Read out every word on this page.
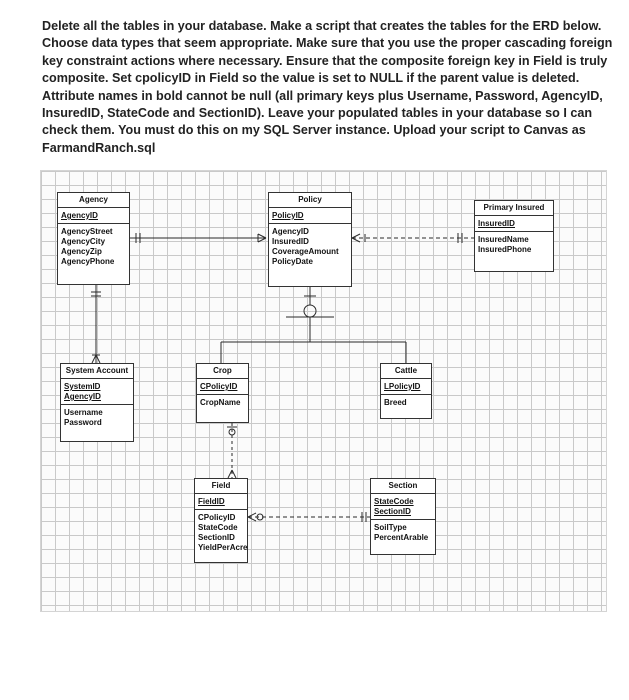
Delete all the tables in your database. Make a script that creates the tables for the ERD below.
Choose data types that seem appropriate. Make sure that you use the proper cascading foreign
key constraint actions where necessary. Ensure that the composite foreign key in Field is truly
composite. Set cpolicyID in Field so the value is set to NULL if the parent value is deleted.
Attribute names in bold cannot be null (all primary keys plus Username, Password, AgencyID,
InsuredID, StateCode and SectionID). Leave your populated tables in your database so I can
check them. You must do this on my SQL Server instance. Upload your script to Canvas as
FarmandRanch.sql
Agency
AgencyID
AgencyStreet
AgencyCity
AgencyZip
AgencyPhone
Policy
PolicyID
AgencyID
InsuredID
CoverageAmount
PolicyDate
Primary Insured
InsuredID
InsuredName
InsuredPhone
System Account
SystemID
AgencyID
Username
Password
Crop
CPolicyID
CropName
Cattle
LPolicyID
Breed
Field
FieldID
CPolicyID
StateCode
SectionID
YieldPerAcre
Section
StateCode
SectionID
SoilType
PercentArable
